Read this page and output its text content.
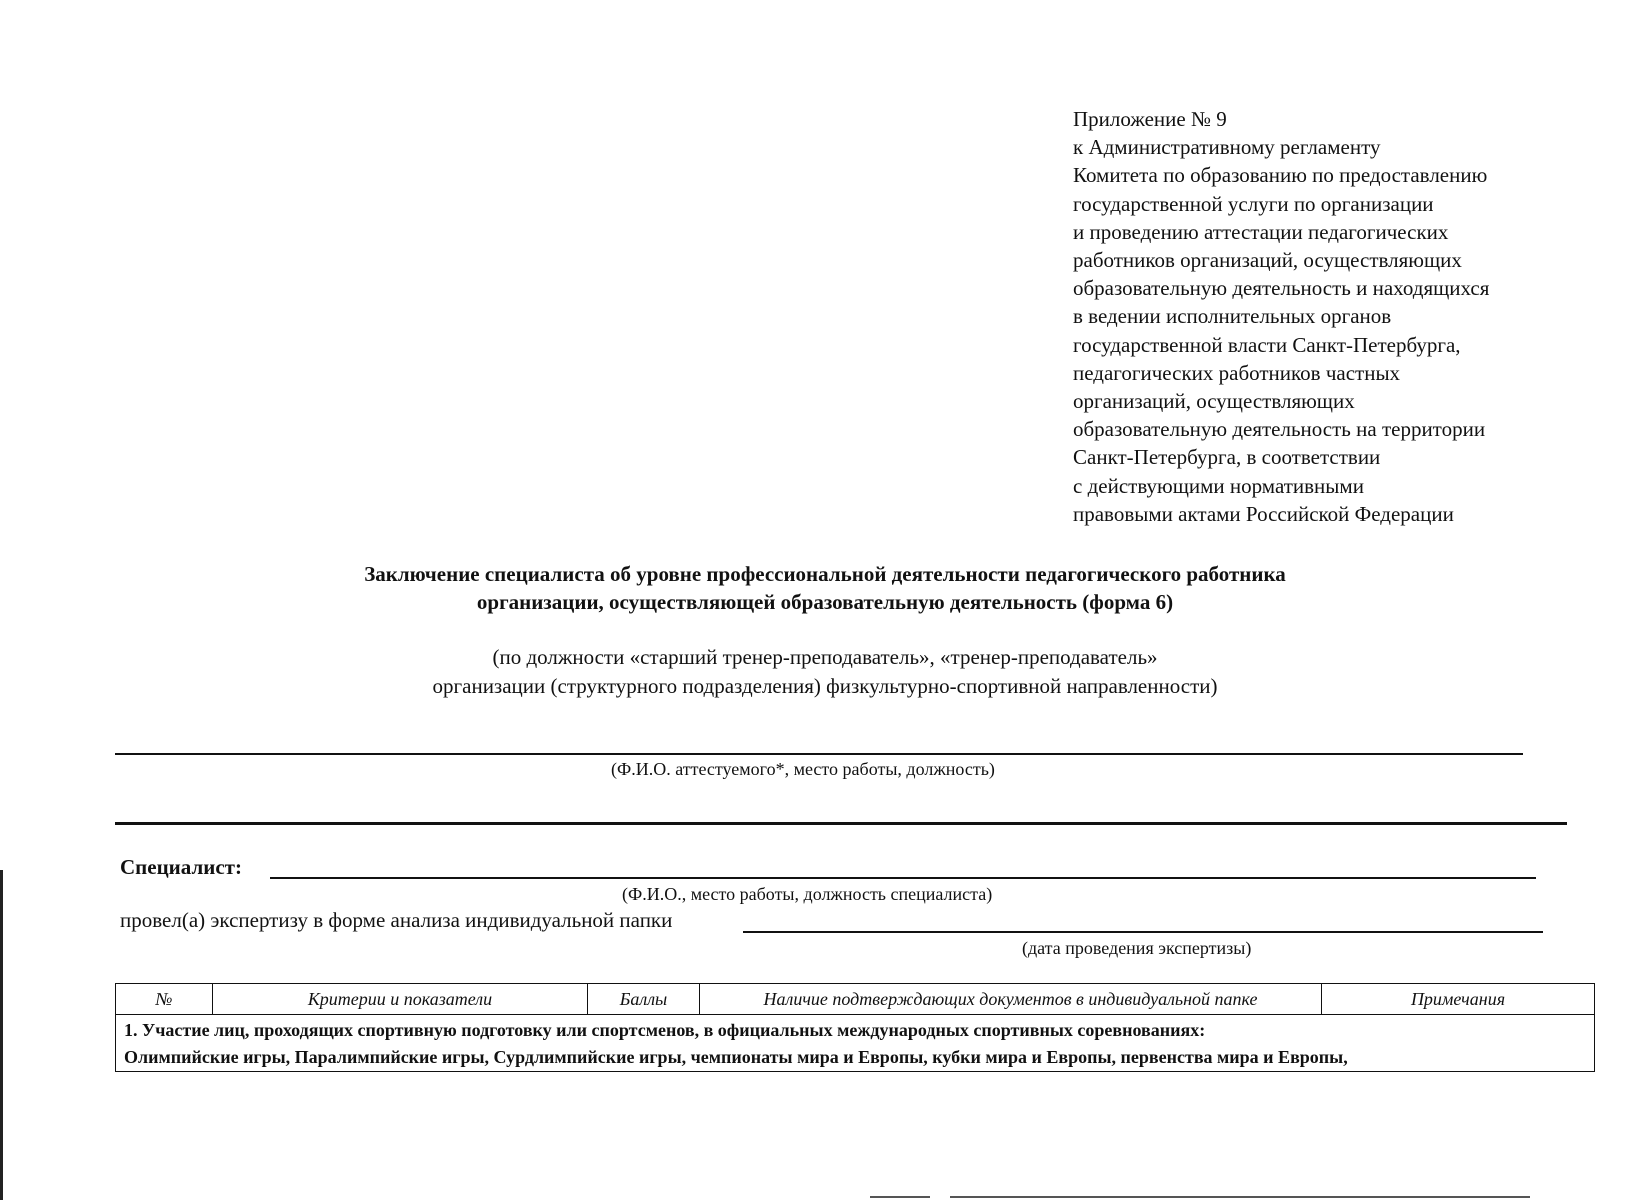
Приложение № 9
к Административному регламенту
Комитета по образованию по предоставлению
государственной услуги по организации
и проведению аттестации педагогических
работников организаций, осуществляющих
образовательную деятельность и находящихся
в ведении исполнительных органов
государственной власти Санкт-Петербурга,
педагогических работников частных
организаций, осуществляющих
образовательную деятельность на территории
Санкт-Петербурга, в соответствии
с действующими нормативными
правовыми актами Российской Федерации
Заключение специалиста об уровне профессиональной деятельности педагогического работника
организации, осуществляющей образовательную деятельность (форма 6)
(по должности «старший тренер-преподаватель», «тренер-преподаватель»
организации (структурного подразделения) физкультурно-спортивной направленности)
(Ф.И.О. аттестуемого*, место работы, должность)
Специалист:
(Ф.И.О., место работы, должность специалиста)
провел(а) экспертизу в форме анализа индивидуальной папки
(дата проведения экспертизы)
№	Критерии и показатели	Баллы	Наличие подтверждающих документов в индивидуальной папке	Примечания

1. Участие лиц, проходящих спортивную подготовку или спортсменов, в официальных международных спортивных соревнованиях:
Олимпийские игры, Паралимпийские игры, Сурдлимпийские игры, чемпионаты мира и Европы, кубки мира и Европы, первенства мира и Европы,
